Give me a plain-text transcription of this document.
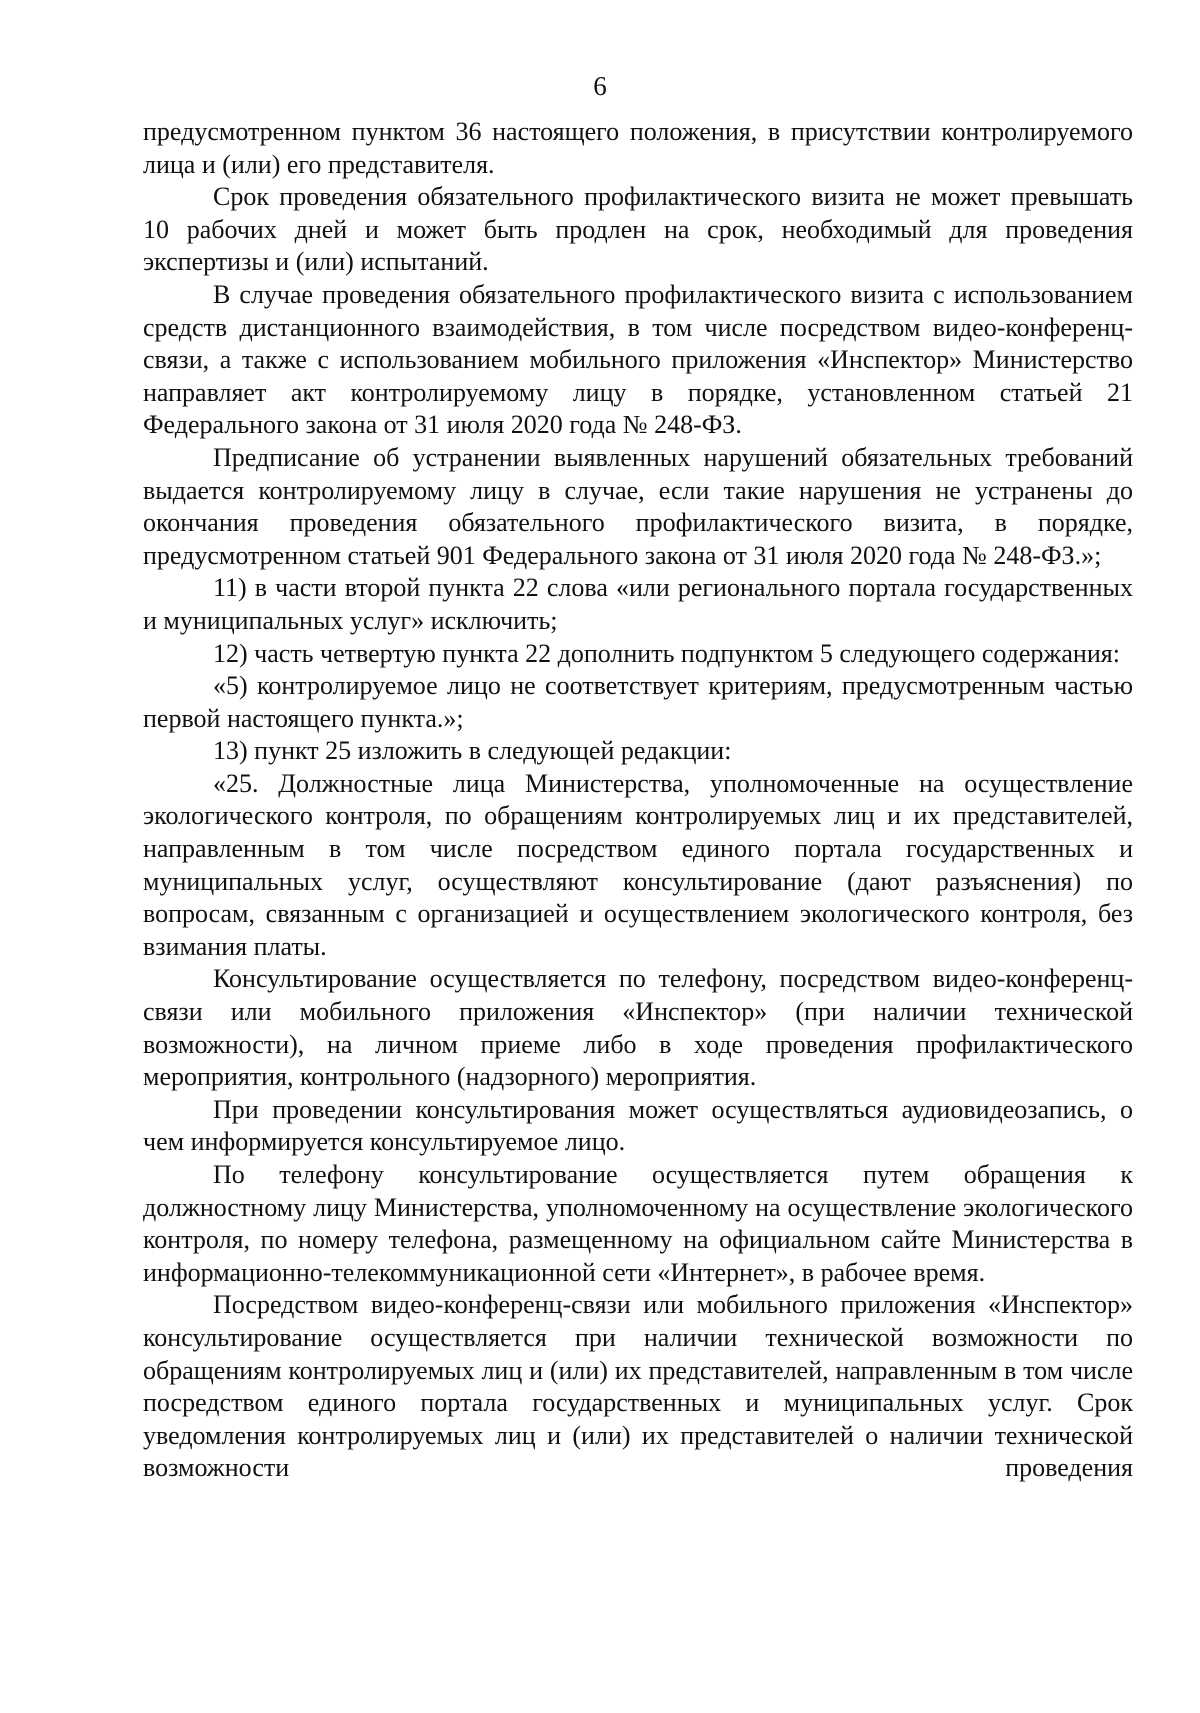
6

предусмотренном пунктом 36 настоящего положения, в присутствии контролируемого лица и (или) его представителя.

Срок проведения обязательного профилактического визита не может превышать 10 рабочих дней и может быть продлен на срок, необходимый для проведения экспертизы и (или) испытаний.

В случае проведения обязательного профилактического визита с использованием средств дистанционного взаимодействия, в том числе посредством видео-конференц-связи, а также с использованием мобильного приложения «Инспектор» Министерство направляет акт контролируемому лицу в порядке, установленном статьей 21 Федерального закона от 31 июля 2020 года № 248-ФЗ.

Предписание об устранении выявленных нарушений обязательных требований выдается контролируемому лицу в случае, если такие нарушения не устранены до окончания проведения обязательного профилактического визита, в порядке, предусмотренном статьей 901 Федерального закона от 31 июля 2020 года № 248-ФЗ.»;

11) в части второй пункта 22 слова «или регионального портала государственных и муниципальных услуг» исключить;

12) часть четвертую пункта 22 дополнить подпунктом 5 следующего содержания:

«5) контролируемое лицо не соответствует критериям, предусмотренным частью первой настоящего пункта.»;

13) пункт 25 изложить в следующей редакции:

«25. Должностные лица Министерства, уполномоченные на осуществление экологического контроля, по обращениям контролируемых лиц и их представителей, направленным в том числе посредством единого портала государственных и муниципальных услуг, осуществляют консультирование (дают разъяснения) по вопросам, связанным с организацией и осуществлением экологического контроля, без взимания платы.

Консультирование осуществляется по телефону, посредством видео-конференц-связи или мобильного приложения «Инспектор» (при наличии технической возможности), на личном приеме либо в ходе проведения профилактического мероприятия, контрольного (надзорного) мероприятия.

При проведении консультирования может осуществляться аудиовидеозапись, о чем информируется консультируемое лицо.

По телефону консультирование осуществляется путем обращения к должностному лицу Министерства, уполномоченному на осуществление экологического контроля, по номеру телефона, размещенному на официальном сайте Министерства в информационно-телекоммуникационной сети «Интернет», в рабочее время.

Посредством видео-конференц-связи или мобильного приложения «Инспектор» консультирование осуществляется при наличии технической возможности по обращениям контролируемых лиц и (или) их представителей, направленным в том числе посредством единого портала государственных и муниципальных услуг. Срок уведомления контролируемых лиц и (или) их представителей о наличии технической возможности проведения
